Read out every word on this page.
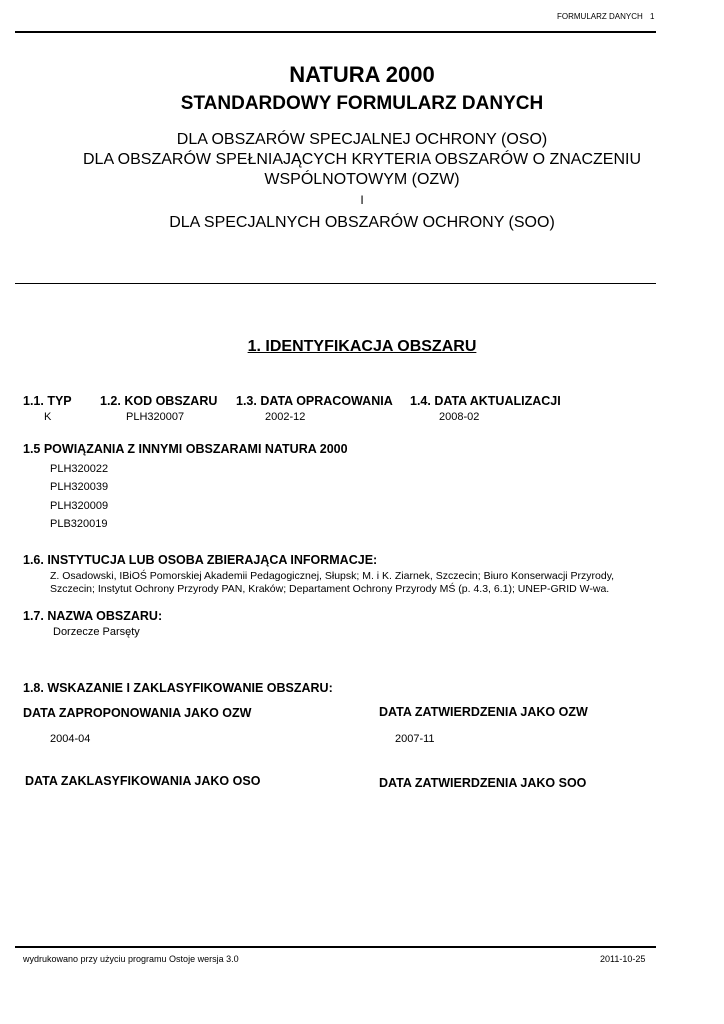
FORMULARZ DANYCH 1
NATURA 2000
STANDARDOWY FORMULARZ DANYCH
DLA OBSZARÓW SPECJALNEJ OCHRONY (OSO)
DLA OBSZARÓW SPEŁNIAJĄCYCH KRYTERIA OBSZARÓW O ZNACZENIU
WSPÓLNOTOWYM (OZW)
I
DLA SPECJALNYCH OBSZARÓW OCHRONY (SOO)
1. IDENTYFIKACJA OBSZARU
1.1. TYP 1.2. KOD OBSZARU 1.3. DATA OPRACOWANIA 1.4. DATA AKTUALIZACJI
K	PLH320007	2002-12	2008-02
1.5 POWIĄZANIA Z INNYMI OBSZARAMI NATURA 2000
PLH320022
PLH320039
PLH320009
PLB320019
1.6. INSTYTUCJA LUB OSOBA ZBIERAJĄCA INFORMACJE:
Z. Osadowski, IBiOŚ Pomorskiej Akademii Pedagogicznej, Słupsk; M. i K. Ziarnek, Szczecin; Biuro Konserwacji Przyrody,
Szczecin; Instytut Ochrony Przyrody PAN, Kraków; Departament Ochrony Przyrody MŚ (p. 4.3, 6.1); UNEP-GRID W-wa.
1.7. NAZWA OBSZARU:
Dorzecze Parsęty
1.8. WSKAZANIE I ZAKLASYFIKOWANIE OBSZARU:
DATA ZAPROPONOWANIA JAKO OZW	DATA ZATWIERDZENIA JAKO OZW
2004-04	2007-11
DATA ZAKLASYFIKOWANIA JAKO OSO	DATA ZATWIERDZENIA JAKO SOO
wydrukowano przy użyciu programu Ostoje wersja 3.0	2011-10-25
